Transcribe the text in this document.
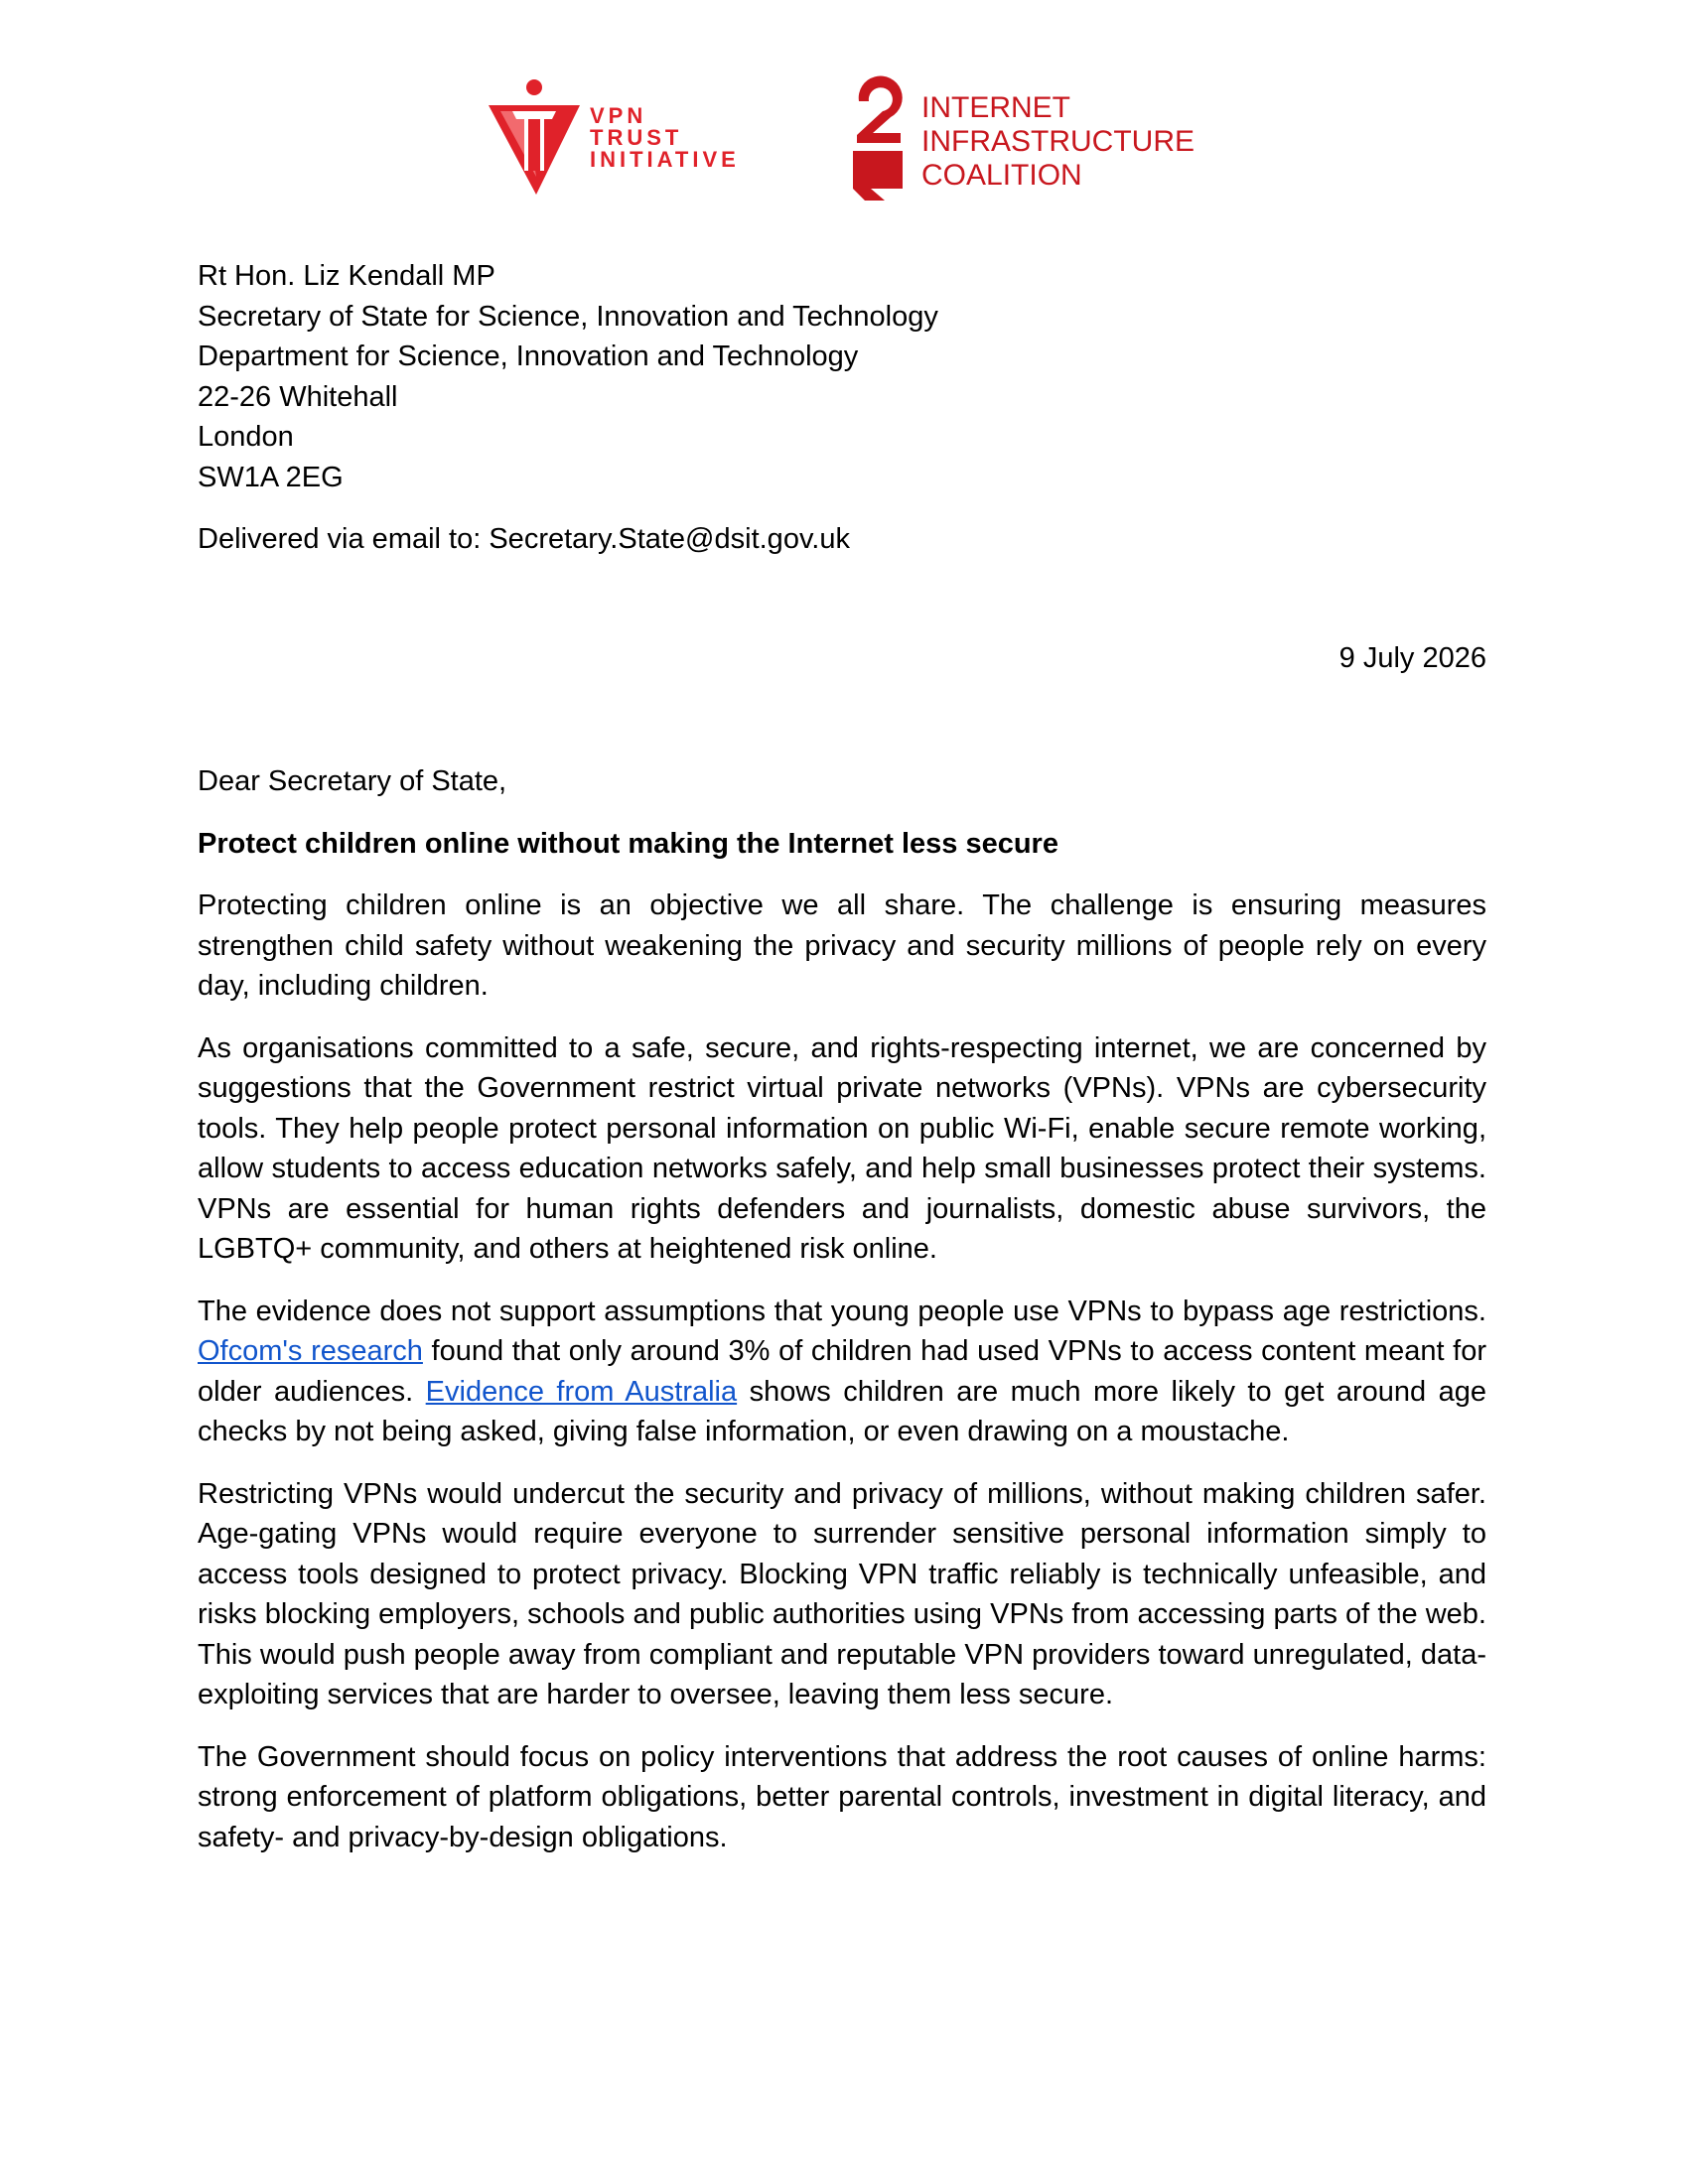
VPN
TRUST
INITIATIVE
INTERNET
INFRASTRUCTURE
COALITION
Rt Hon. Liz Kendall MP
Secretary of State for Science, Innovation and Technology
Department for Science, Innovation and Technology
22-26 Whitehall
London
SW1A 2EG
Delivered via email to: Secretary.State@dsit.gov.uk
9 July 2026
Dear Secretary of State,
Protect children online without making the Internet less secure
Protecting children online is an objective we all share. The challenge is ensuring measures strengthen child safety without weakening the privacy and security millions of people rely on every day, including children.
As organisations committed to a safe, secure, and rights-respecting internet, we are concerned by suggestions that the Government restrict virtual private networks (VPNs). VPNs are cybersecurity tools. They help people protect personal information on public Wi-Fi, enable secure remote working, allow students to access education networks safely, and help small businesses protect their systems. VPNs are essential for human rights defenders and journalists, domestic abuse survivors, the LGBTQ+ community, and others at heightened risk online.
The evidence does not support assumptions that young people use VPNs to bypass age restrictions. Ofcom's research found that only around 3% of children had used VPNs to access content meant for older audiences. Evidence from Australia shows children are much more likely to get around age checks by not being asked, giving false information, or even drawing on a moustache.
Restricting VPNs would undercut the security and privacy of millions, without making children safer. Age-gating VPNs would require everyone to surrender sensitive personal information simply to access tools designed to protect privacy. Blocking VPN traffic reliably is technically unfeasible, and risks blocking employers, schools and public authorities using VPNs from accessing parts of the web. This would push people away from compliant and reputable VPN providers toward unregulated, data-exploiting services that are harder to oversee, leaving them less secure.
The Government should focus on policy interventions that address the root causes of online harms: strong enforcement of platform obligations, better parental controls, investment in digital literacy, and safety- and privacy-by-design obligations.
